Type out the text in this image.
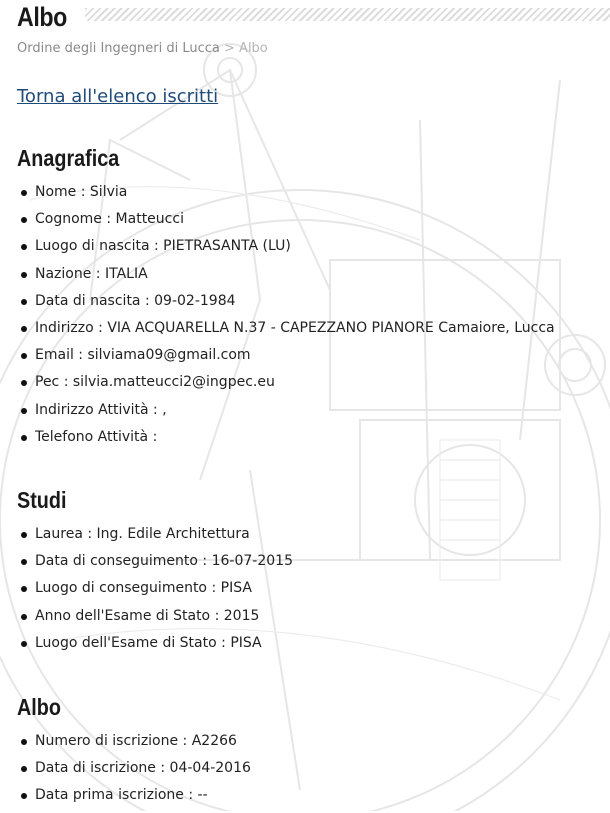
Albo
Ordine degli Ingegneri di Lucca > Albo
Torna all'elenco iscritti
Anagrafica
Nome : Silvia
Cognome : Matteucci
Luogo di nascita : PIETRASANTA (LU)
Nazione : ITALIA
Data di nascita : 09-02-1984
Indirizzo : VIA ACQUARELLA N.37 - CAPEZZANO PIANORE Camaiore, Lucca
Email : silviama09@gmail.com
Pec : silvia.matteucci2@ingpec.eu
Indirizzo Attività : ,
Telefono Attività :
Studi
Laurea : Ing. Edile Architettura
Data di conseguimento : 16-07-2015
Luogo di conseguimento : PISA
Anno dell'Esame di Stato : 2015
Luogo dell'Esame di Stato : PISA
Albo
Numero di iscrizione : A2266
Data di iscrizione : 04-04-2016
Data prima iscrizione : --
